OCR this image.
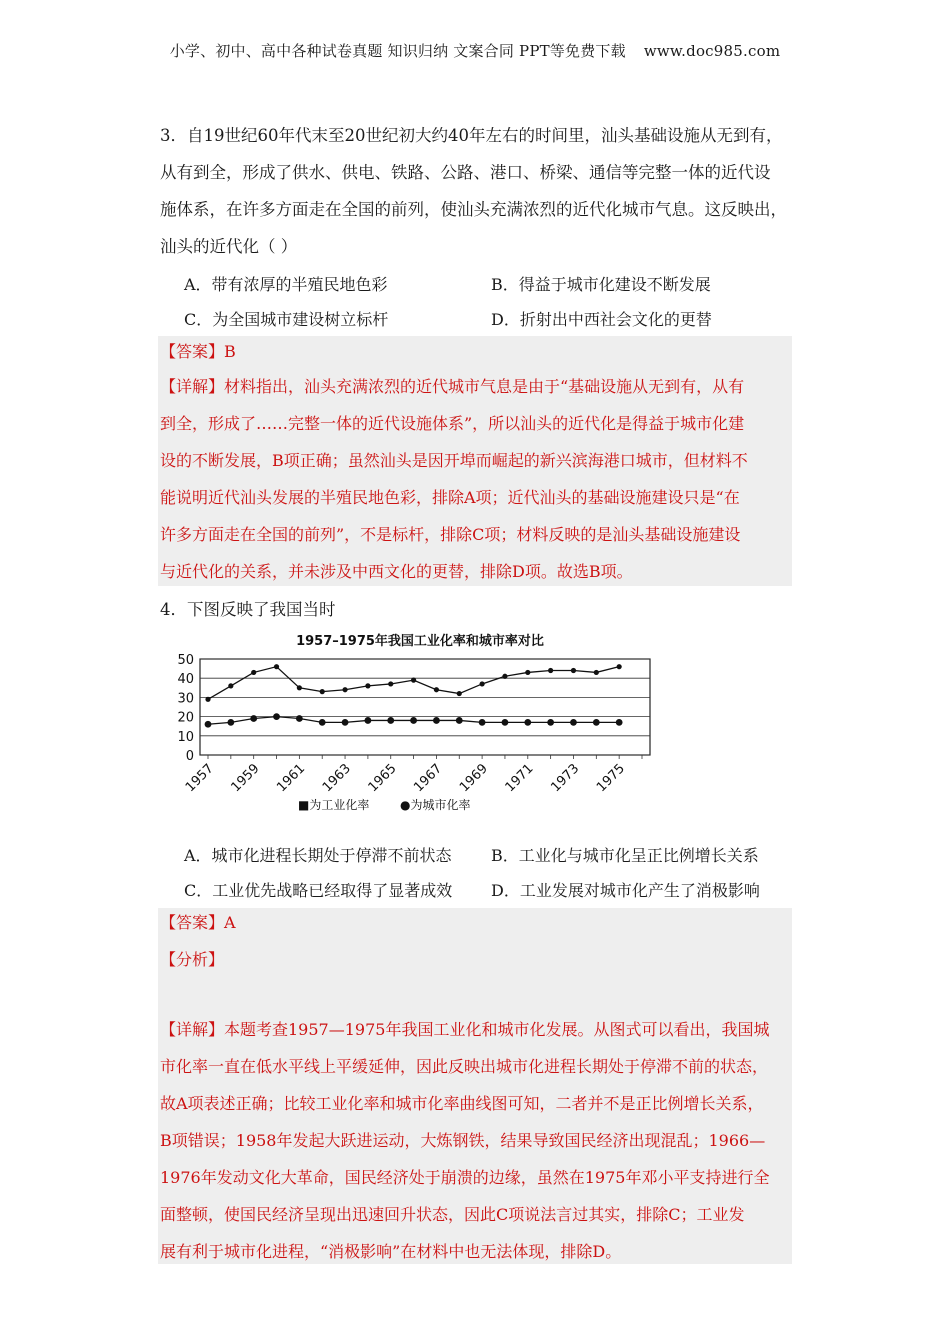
小学、初中、高中各种试卷真题 知识归纳 文案合同 PPT等免费下载 www.doc985.com
3．自19世纪60年代末至20世纪初大约40年左右的时间里，汕头基础设施从无到有，
从有到全，形成了供水、供电、铁路、公路、港口、桥梁、通信等完整一体的近代设
施体系，在许多方面走在全国的前列，使汕头充满浓烈的近代化城市气息。这反映出，
汕头的近代化（ ）
A．带有浓厚的半殖民地色彩	B．得益于城市化建设不断发展
C．为全国城市建设树立标杆	D．折射出中西社会文化的更替
【答案】B
【详解】材料指出，汕头充满浓烈的近代城市气息是由于“基础设施从无到有，从有
到全，形成了……完整一体的近代设施体系”，所以汕头的近代化是得益于城市化建
设的不断发展，B项正确；虽然汕头是因开埠而崛起的新兴滨海港口城市，但材料不
能说明近代汕头发展的半殖民地色彩，排除A项；近代汕头的基础设施建设只是“在
许多方面走在全国的前列”，不是标杆，排除C项；材料反映的是汕头基础设施建设
与近代化的关系，并未涉及中西文化的更替，排除D项。故选B项。
4．下图反映了我国当时
1957–1975年我国工业化率和城市率对比
0
10
20
30
40
50
1957 1959 1961 1963 1965 1967 1969 1971 1973 1975
■为工业化率	●为城市化率
A．城市化进程长期处于停滞不前状态 B．工业化与城市化呈正比例增长关系
C．工业优先战略已经取得了显著成效 D．工业发展对城市化产生了消极影响
【答案】A
【分析】
【详解】本题考查1957—1975年我国工业化和城市化发展。从图式可以看出，我国城
市化率一直在低水平线上平缓延伸，因此反映出城市化进程长期处于停滞不前的状态，
故A项表述正确；比较工业化率和城市化率曲线图可知，二者并不是正比例增长关系，
B项错误；1958年发起大跃进运动，大炼钢铁，结果导致国民经济出现混乱；1966—
1976年发动文化大革命，国民经济处于崩溃的边缘，虽然在1975年邓小平支持进行全
面整顿，使国民经济呈现出迅速回升状态，因此C项说法言过其实，排除C；工业发
展有利于城市化进程，“消极影响”在材料中也无法体现，排除D。
